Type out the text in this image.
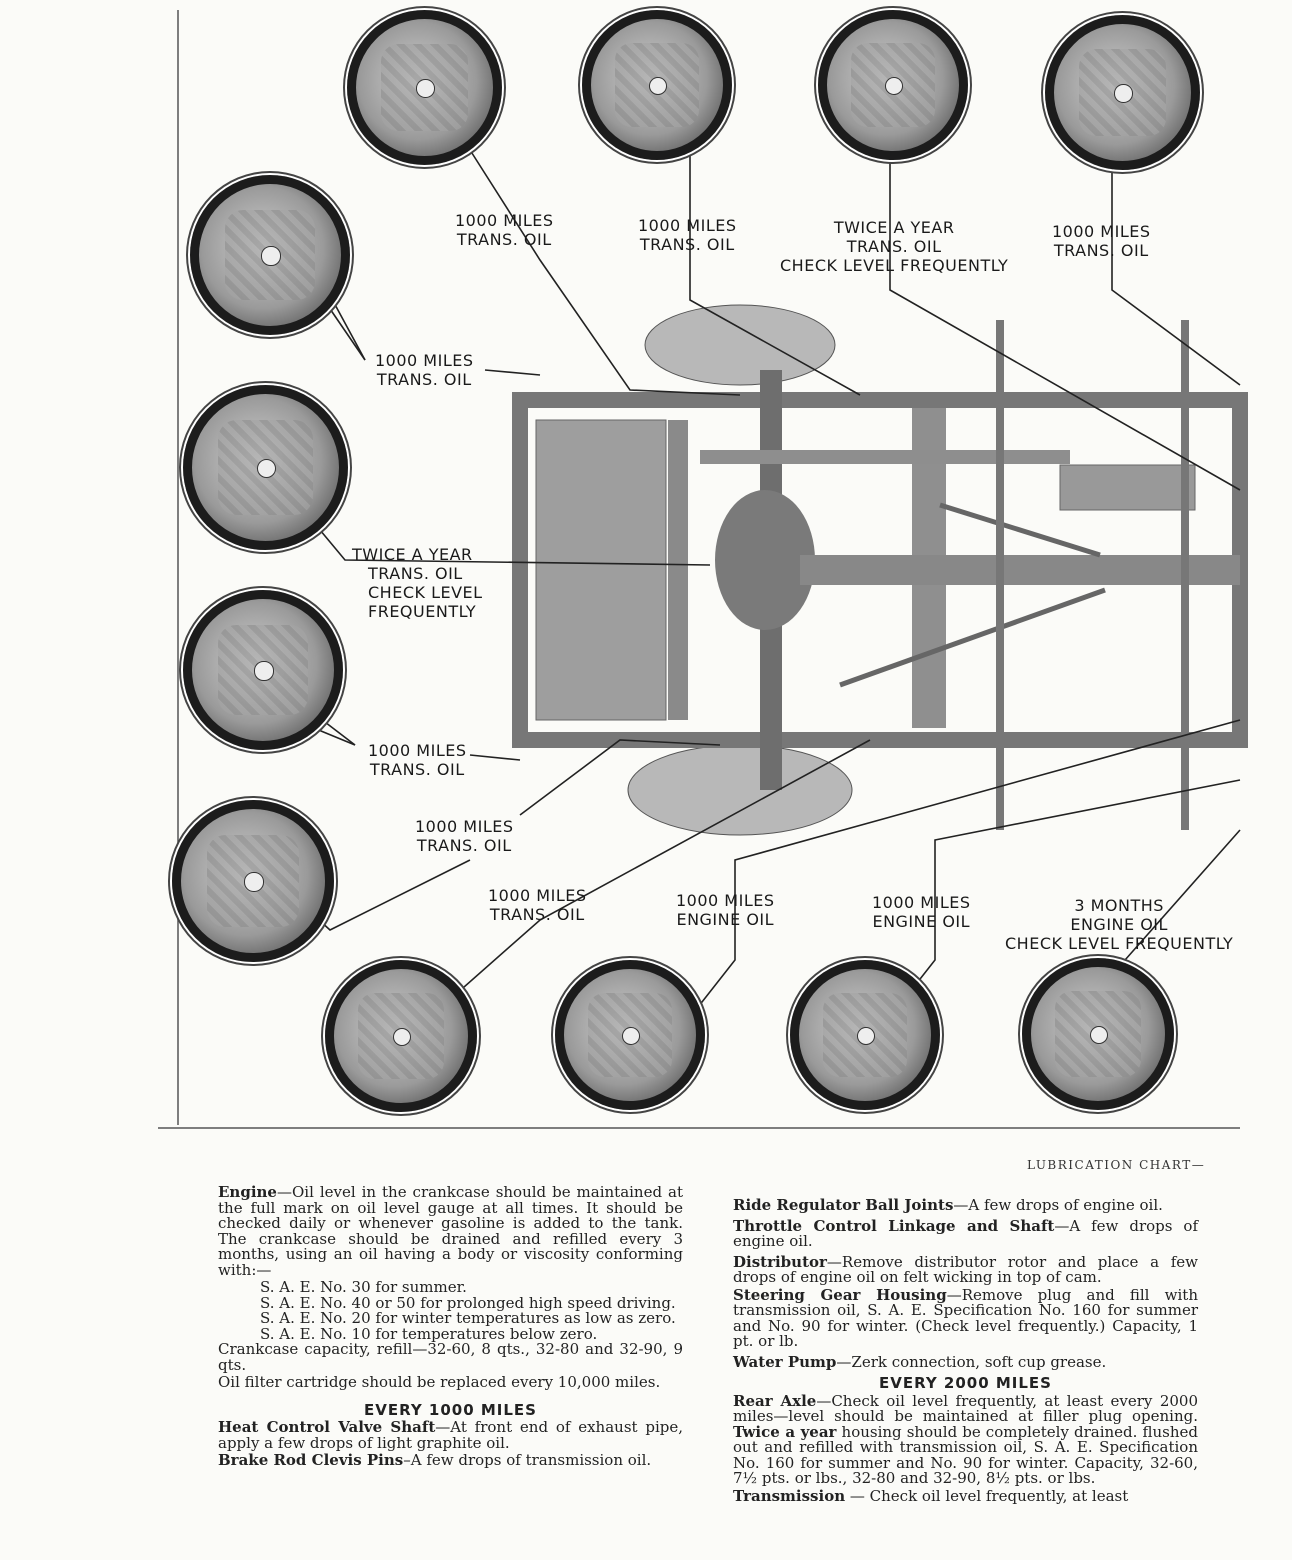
1000 MILES
TRANS. OIL
1000 MILES
TRANS. OIL
TWICE A YEAR
TRANS. OIL
CHECK LEVEL FREQUENTLY
1000 MILES
TRANS. OIL
1000 MILES
TRANS. OIL
TWICE A YEAR
TRANS. OIL
CHECK LEVEL
FREQUENTLY
1000 MILES
TRANS. OIL
1000 MILES
TRANS. OIL
1000 MILES
TRANS. OIL
1000 MILES
ENGINE OIL
1000 MILES
ENGINE OIL
3 MONTHS
ENGINE OIL
CHECK LEVEL FREQUENTLY
LUBRICATION CHART—

Engine—Oil level in the crankcase should be maintained at the full mark on oil level gauge at all times. It should be checked daily or whenever gasoline is added to the tank. The crankcase should be drained and refilled every 3 months, using an oil having a body or viscosity conforming with:—

S. A. E. No. 30 for summer.
S. A. E. No. 40 or 50 for prolonged high speed driving.
S. A. E. No. 20 for winter temperatures as low as zero.
S. A. E. No. 10 for temperatures below zero.

Crankcase capacity, refill—32-60, 8 qts., 32-80 and 32-90, 9 qts.

Oil filter cartridge should be replaced every 10,000 miles.

EVERY 1000 MILES

Heat Control Valve Shaft—At front end of exhaust pipe, apply a few drops of light graphite oil.

Brake Rod Clevis Pins–A few drops of transmission oil.

Ride Regulator Ball Joints—A few drops of engine oil.

Throttle Control Linkage and Shaft—A few drops of engine oil.

Distributor—Remove distributor rotor and place a few drops of engine oil on felt wicking in top of cam.

Steering Gear Housing—Remove plug and fill with transmission oil, S. A. E. Specification No. 160 for summer and No. 90 for winter. (Check level frequently.) Capacity, 1 pt. or lb.

Water Pump—Zerk connection, soft cup grease.

EVERY 2000 MILES

Rear Axle—Check oil level frequently, at least every 2000 miles—level should be maintained at filler plug opening. Twice a year housing should be completely drained. flushed out and refilled with transmission oil, S. A. E. Specification No. 160 for summer and No. 90 for winter. Capacity, 32-60, 7½ pts. or lbs., 32-80 and 32-90, 8½ pts. or lbs.

Transmission — Check oil level frequently, at least
